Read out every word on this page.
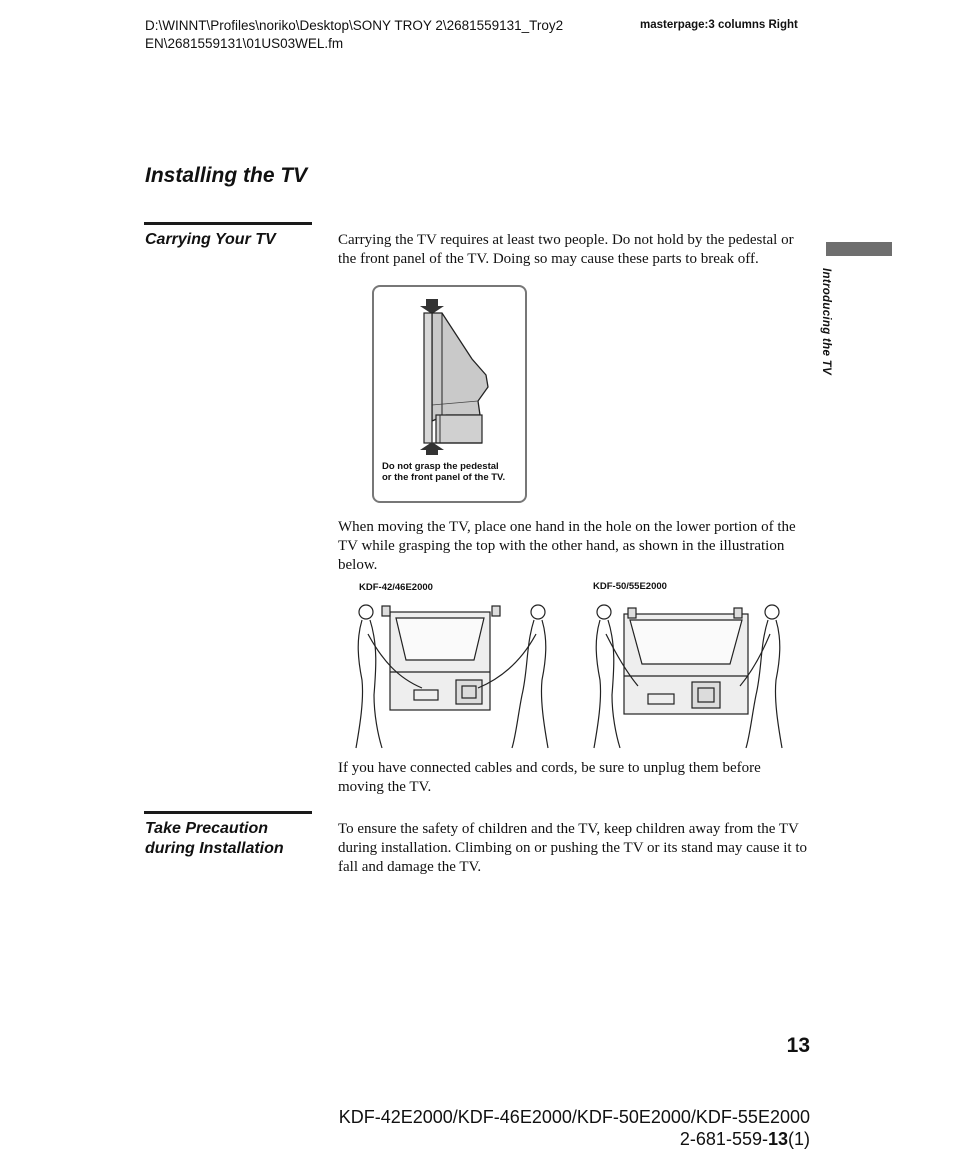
D:\WINNT\Profiles\noriko\Desktop\SONY TROY 2\2681559131_Troy2
EN\2681559131\01US03WEL.fm
masterpage:3 columns Right
Installing the TV
Introducing the TV
Carrying Your TV	Carrying the TV requires at least two people. Do not hold by the pedestal or the front panel of the TV. Doing so may cause these parts to break off.

Do not grasp the pedestal
or the front panel of the TV.

When moving the TV, place one hand in the hole on the lower portion of the TV while grasping the top with the other hand, as shown in the illustration below.

KDF-42/46E2000	KDF-50/55E2000

If you have connected cables and cords, be sure to unplug them before moving the TV.

Take Precaution
during Installation

To ensure the safety of children and the TV, keep children away from the TV during installation. Climbing on or pushing the TV or its stand may cause it to fall and damage the TV.

13
KDF-42E2000/KDF-46E2000/KDF-50E2000/KDF-55E2000
2-681-559-13(1)
